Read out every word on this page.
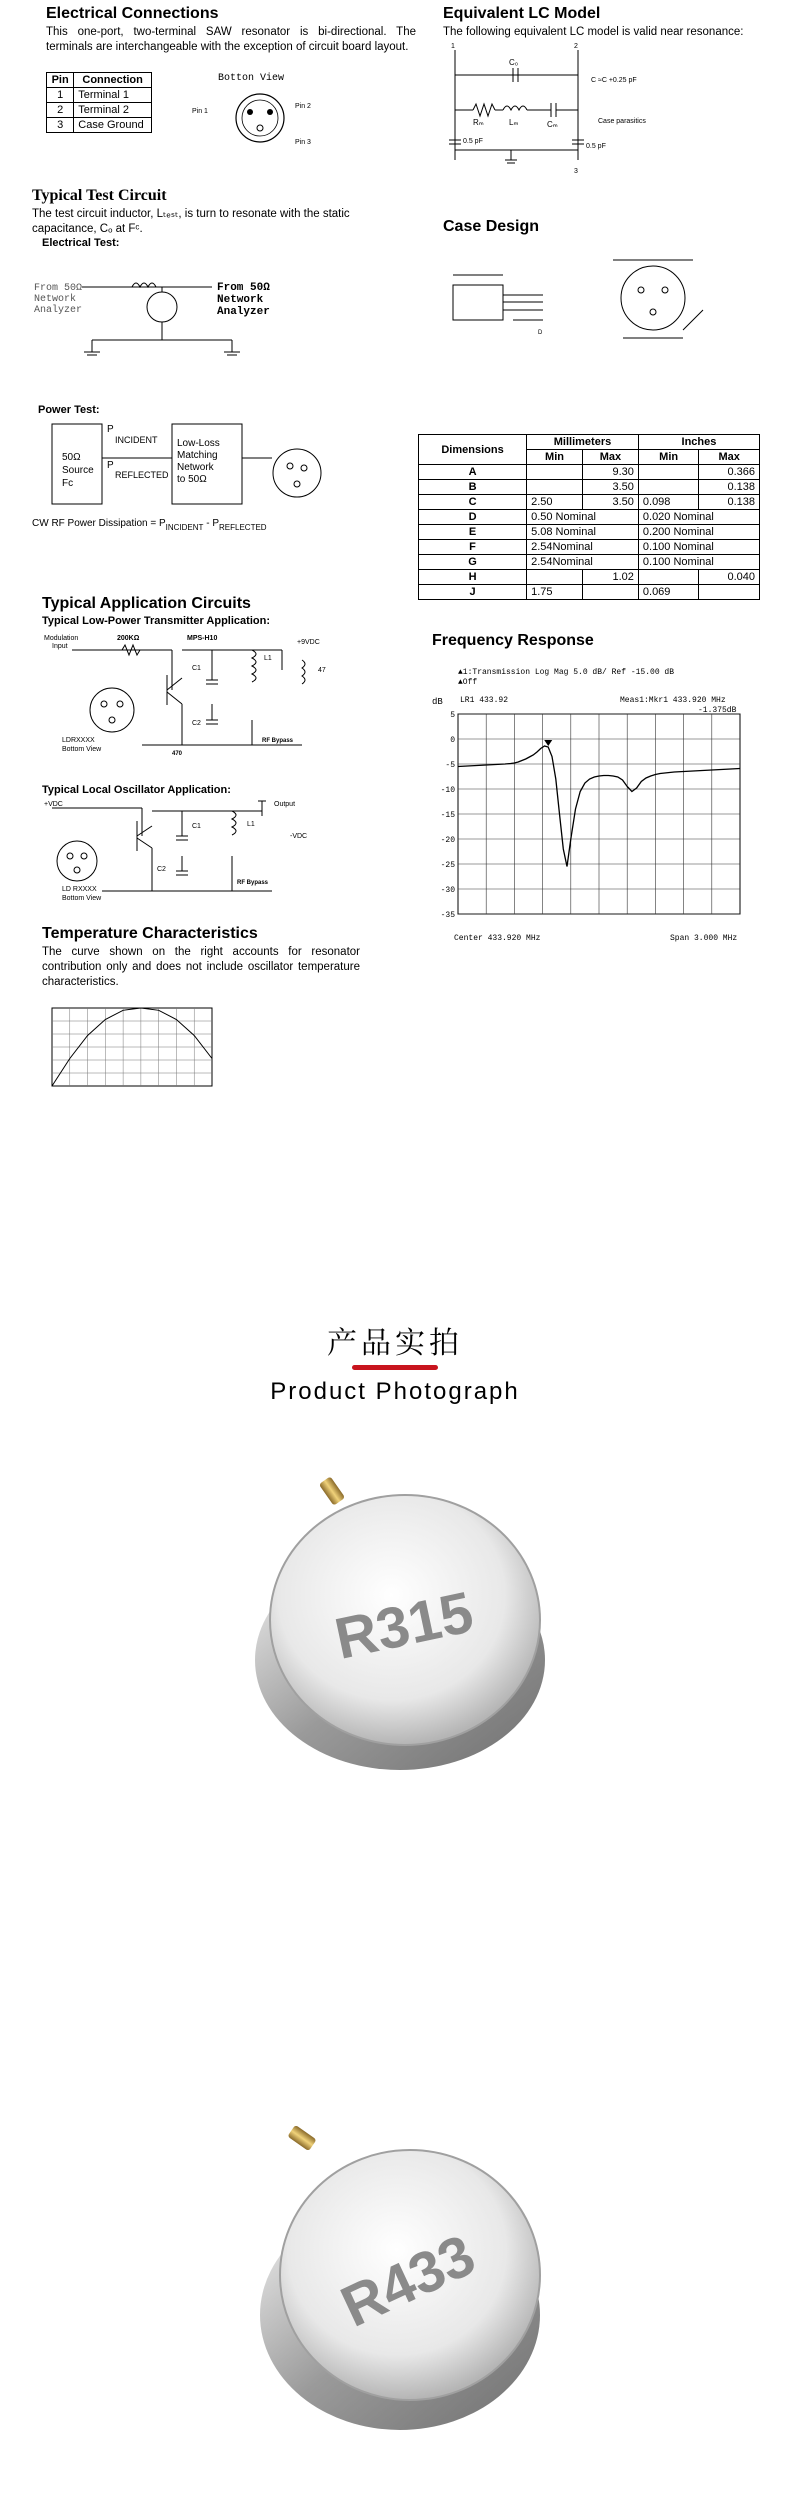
Electrical Connections

This one-port, two-terminal SAW resonator is bi-directional. The terminals are interchangeable with the exception of circuit board layout.

Pin	Connection
1	Terminal 1
2	Terminal 2
3	Case Ground
Botton View
Pin 1
Pin 2
Pin 3
Equivalent LC Model

The following equivalent LC model is valid near resonance:

1	2
3
C₀
Rₘ	Lₘ	Cₘ
C ≈C +0.25 pF
Case parasitics
0.5 pF
0.5 pF
Typical Test Circuit

The test circuit inductor, Lₜₑₛₜ, is turn to resonate with the static capacitance, Cₒ at Fᶜ.

Electrical Test:
From 50Ω
Network
Analyzer
From 50Ω
Network
Analyzer
Power Test:
50Ω
Source
Fc
P
INCIDENT
P
REFLECTED
Low-Loss
Matching
Network
to 50Ω
CW RF Power Dissipation = $P_{INCIDENT} - P_{REFLECTED}$
Case Design
D
Dimensions	Millimeters		Inches	
	Min	Max	Min	Max
A		9.30		0.366
B		3.50		0.138
C	2.50	3.50	0.098	0.138
D	0.50 Nominal		0.020 Nominal	
E	5.08 Nominal		0.200 Nominal	
F	2.54Nominal		0.100 Nominal	
G	2.54Nominal		0.100 Nominal	
H		1.02		0.040
J	1.75		0.069	
Typical Application Circuits
Typical Low-Power Transmitter Application:
Modulation
Input
200KΩ	MPS-H10
+9VDC
C1
C2
L1
47
470
LDRXXXX
Bottom View
RF Bypass
Typical Local Oscillator Application:
+VDC	Output
C1
C2
L1
-VDC
LD RXXXX
Bottom View
RF Bypass
Frequency Response
▲1:Transmission Log Mag 5.0 dB/ Ref -15.00 dB
▲Off
dB LR1 433.92	Meas1:Mkr1 433.920 MHz
-1.375dB
5
0
-5
-10
-15
-20
-25
-30
-35
Center 433.920 MHz	Span 3.000 MHz
Temperature Characteristics

The curve shown on the right accounts for resonator contribution only and does not include oscillator temperature characteristics.

产品实拍
Product Photograph
R315
R433
